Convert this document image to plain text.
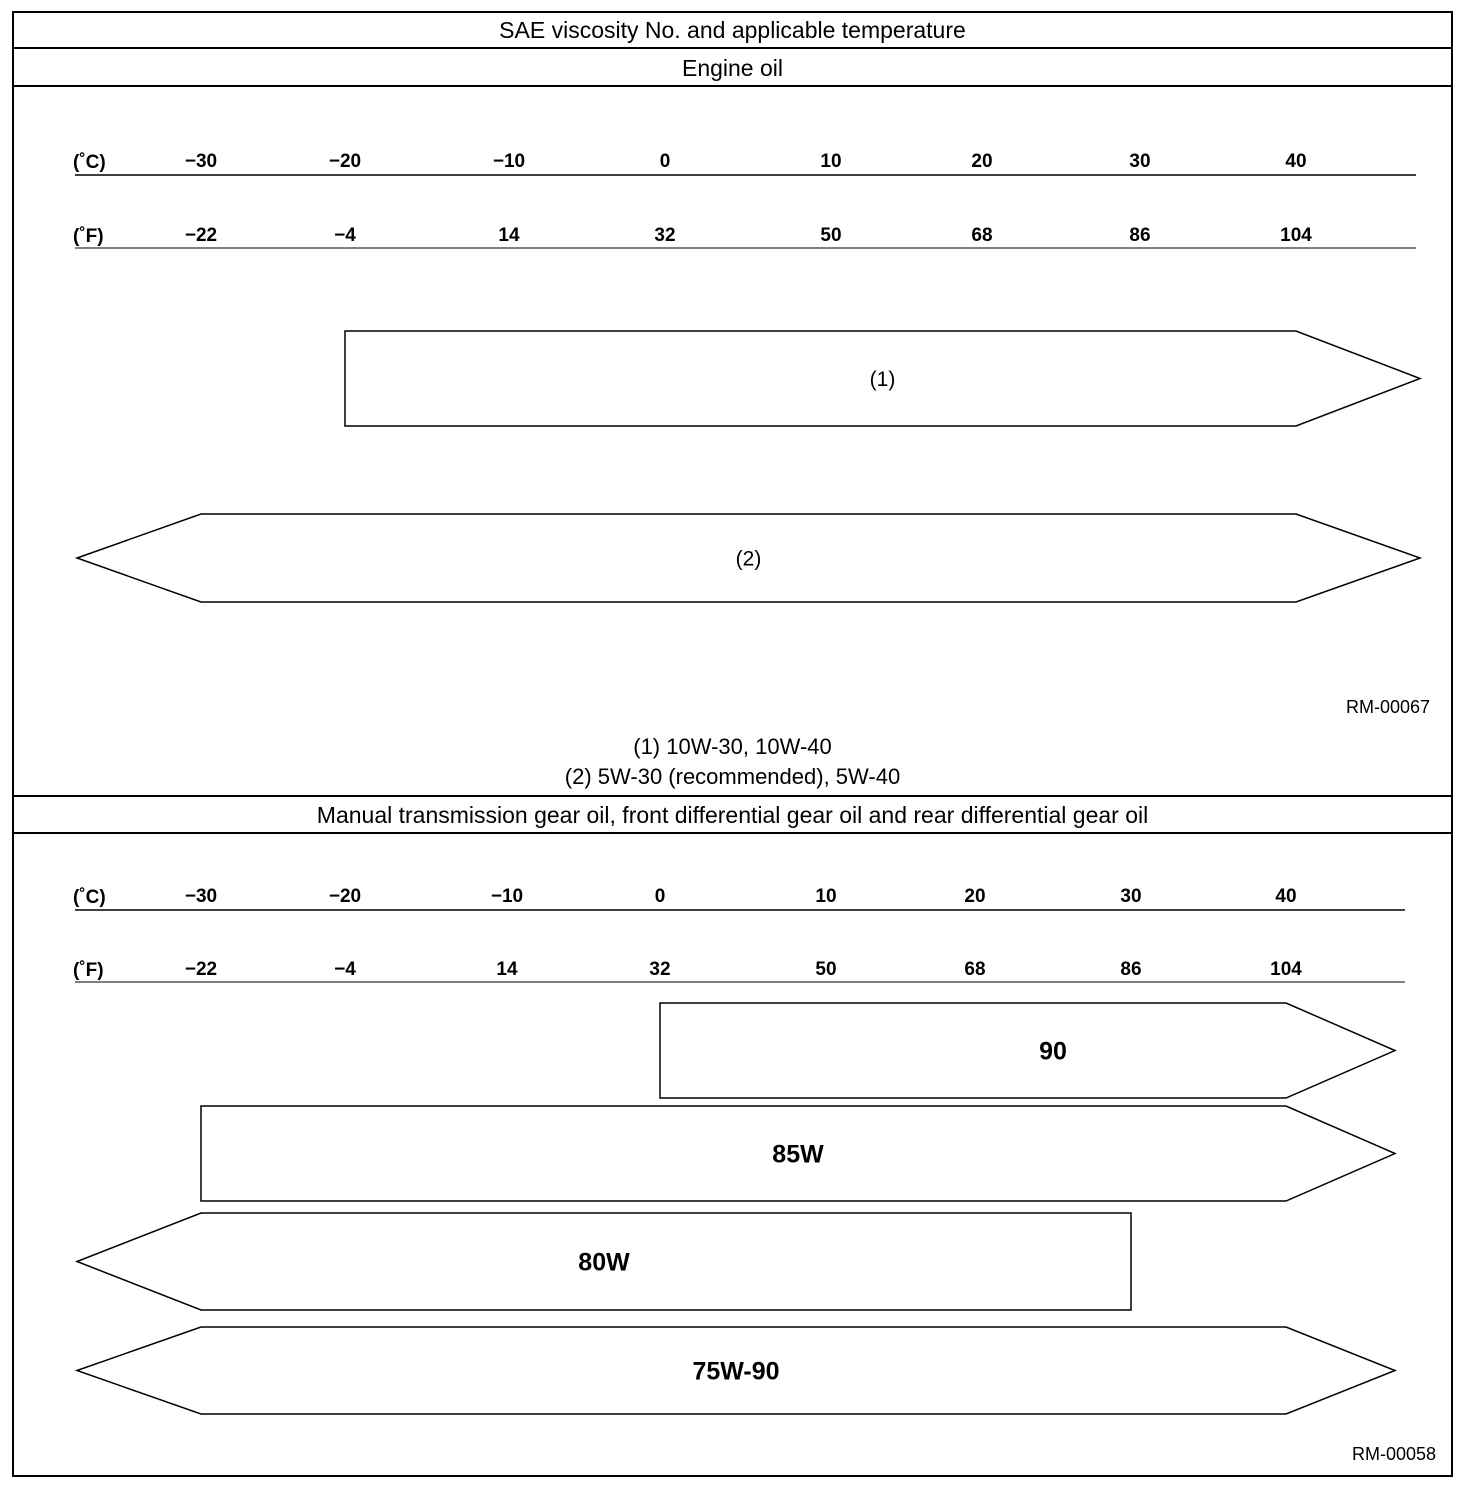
SAE viscosity No. and applicable temperature
Engine oil
(˚C)
(˚F)
−30	−20	−10	0	10	20	30	40
−22	−4	14	32	50	68	86	104
(1)
(2)
(˚C)
(˚F)
−30	−20	−10	0	10	20	30	40
−22	−4	14	32	50	68	86	104
90
85W
80W
75W-90
RM-00067
(1) 10W-30, 10W-40
(2) 5W-30 (recommended), 5W-40
Manual transmission gear oil, front differential gear oil and rear differential gear oil
RM-00058
